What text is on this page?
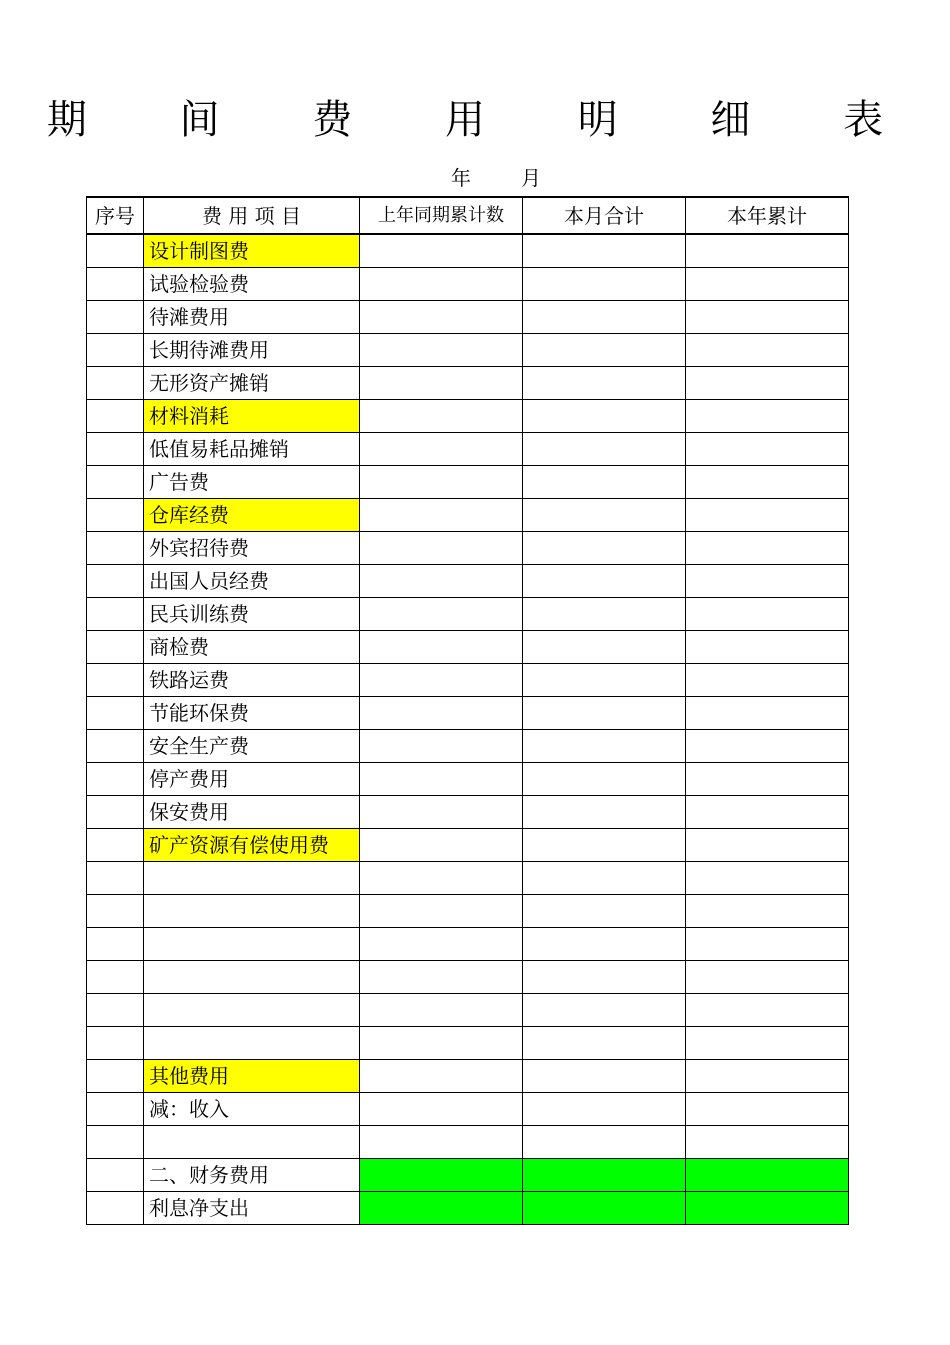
期 间 费 用 明 细 表
年	月
序号	费 用 项 目	上年同期累计数	本月合计	本年累计
	设计制图费			
	试验检验费			
	待滩费用			
	长期待滩费用			
	无形资产摊销			
	材料消耗			
	低值易耗品摊销			
	广告费			
	仓库经费			
	外宾招待费			
	出国人员经费			
	民兵训练费			
	商检费			
	铁路运费			
	节能环保费			
	安全生产费			
	停产费用			
	保安费用			
	矿产资源有偿使用费			

	其他费用			
	减：收入			

	二、财务费用			
	利息净支出			
